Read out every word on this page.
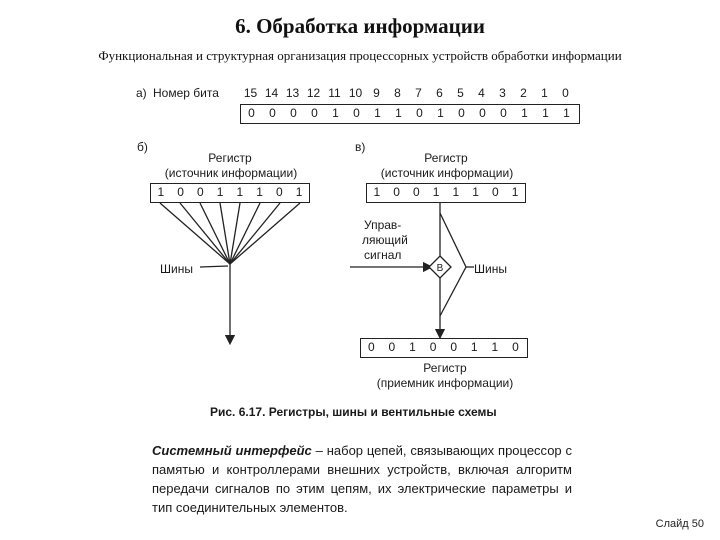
6. Обработка информации
Функциональная и структурная организация процессорных устройств обработки информации
а) Номер бита	15 14 13 12 11 10 9	8	7	6	5	4	3	2	1	0
0	0	0	0	1	0	1	1	0	1	0	0	0	1	1	1
б)
Регистр
(источник информации)
1	0	0	1	1	1	0	1
Шины
в)
Регистр
(источник информации)
1	0	0	1	1	1	0	1
Управ-
ляющий
сигнал
Шины
0	0	1	0	0	1	1	0
Регистр
(приемник информации)
В
Рис. 6.17. Регистры, шины и вентильные схемы
Системный интерфейс – набор цепей, связывающих процессор с памятью и контроллерами внешних устройств, включая алгоритм передачи сигналов по этим цепям, их электрические параметры и тип соединительных элементов.
Слайд 50
